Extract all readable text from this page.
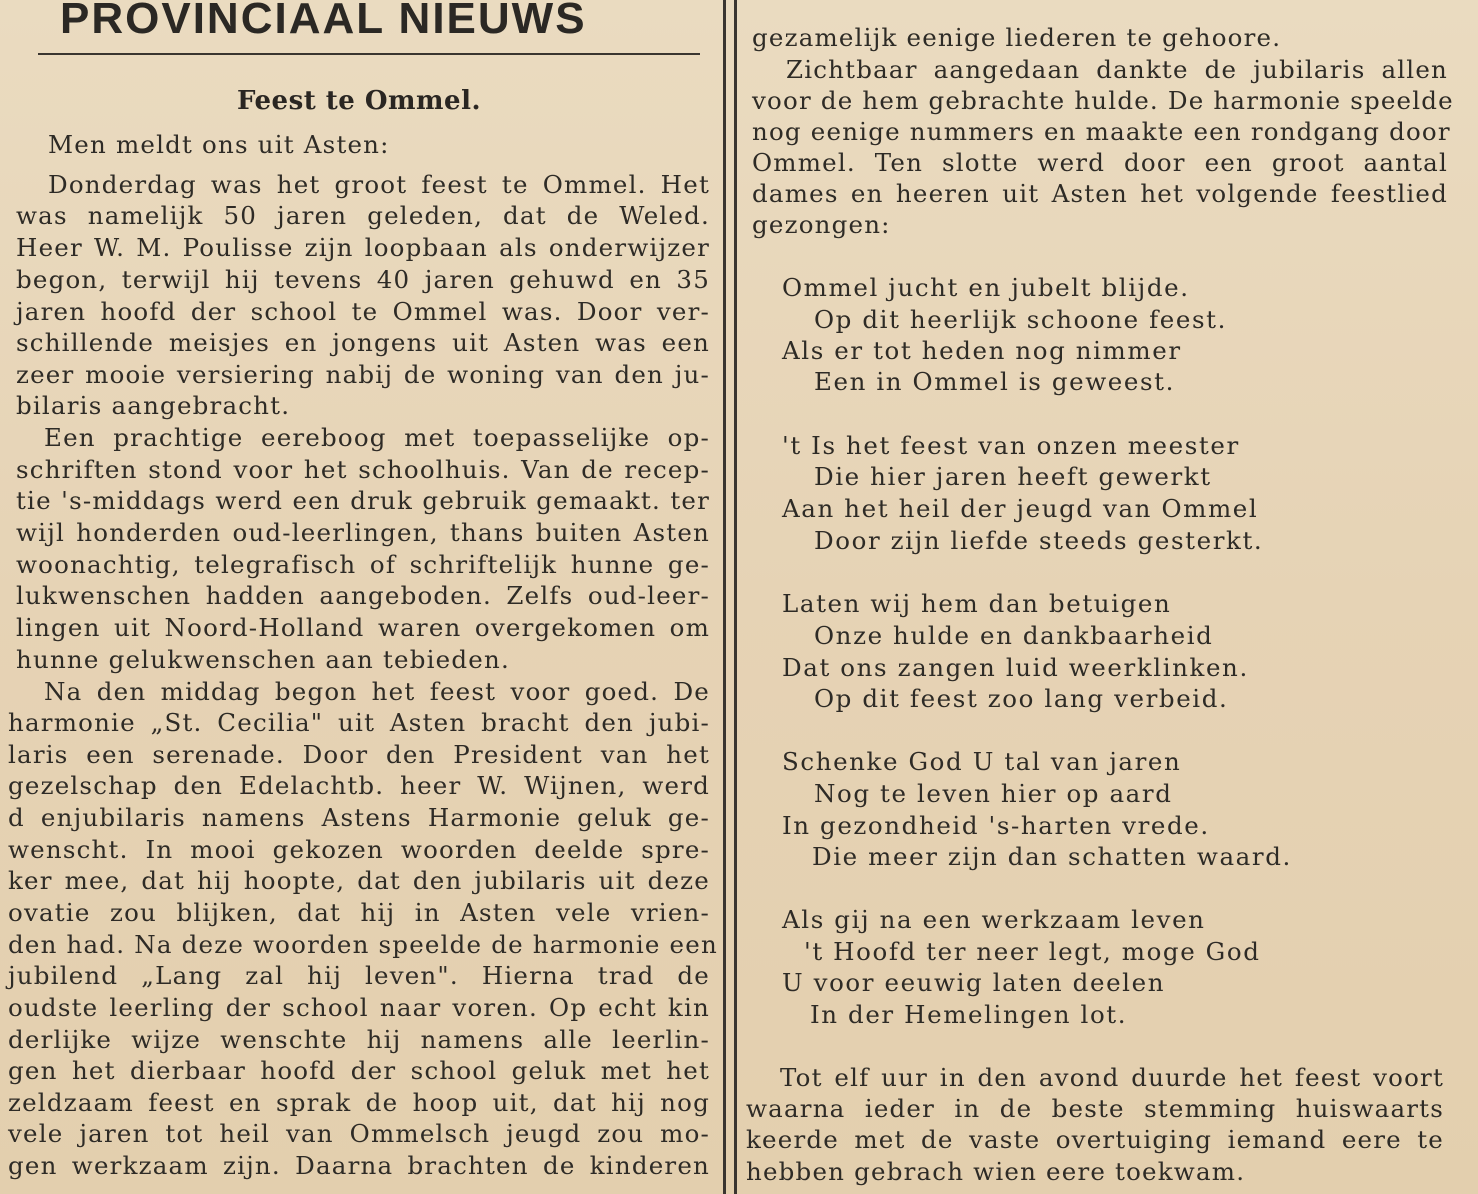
PROVINCIAAL NIEUWS
Feest te Ommel.
Men meldt ons uit Asten:
Donderdag was het groot feest te Ommel. Het
was namelijk 50 jaren geleden, dat de Weled.
Heer W. M. Poulisse zijn loopbaan als onderwijzer
begon, terwijl hij tevens 40 jaren gehuwd en 35
jaren hoofd der school te Ommel was. Door ver-
schillende meisjes en jongens uit Asten was een
zeer mooie versiering nabij de woning van den ju-
bilaris aangebracht.
Een prachtige eereboog met toepasselijke op-
schriften stond voor het schoolhuis. Van de recep-
tie 's-middags werd een druk gebruik gemaakt. ter
wijl honderden oud-leerlingen, thans buiten Asten
woonachtig, telegrafisch of schriftelijk hunne ge-
lukwenschen hadden aangeboden. Zelfs oud-leer-
lingen uit Noord-Holland waren overgekomen om
hunne gelukwenschen aan tebieden.
Na den middag begon het feest voor goed. De
harmonie „St. Cecilia" uit Asten bracht den jubi-
laris een serenade. Door den President van het
gezelschap den Edelachtb. heer W. Wijnen, werd
d enjubilaris namens Astens Harmonie geluk ge-
wenscht. In mooi gekozen woorden deelde spre-
ker mee, dat hij hoopte, dat den jubilaris uit deze
ovatie zou blijken, dat hij in Asten vele vrien-
den had. Na deze woorden speelde de harmonie een
jubilend „Lang zal hij leven". Hierna trad de
oudste leerling der school naar voren. Op echt kin
derlijke wijze wenschte hij namens alle leerlin-
gen het dierbaar hoofd der school geluk met het
zeldzaam feest en sprak de hoop uit, dat hij nog
vele jaren tot heil van Ommelsch jeugd zou mo-
gen werkzaam zijn. Daarna brachten de kinderen
gezamelijk eenige liederen te gehoore.
Zichtbaar aangedaan dankte de jubilaris allen
voor de hem gebrachte hulde. De harmonie speelde
nog eenige nummers en maakte een rondgang door
Ommel. Ten slotte werd door een groot aantal
dames en heeren uit Asten het volgende feestlied
gezongen:
Ommel jucht en jubelt blijde.
Op dit heerlijk schoone feest.
Als er tot heden nog nimmer
Een in Ommel is geweest.
't Is het feest van onzen meester
Die hier jaren heeft gewerkt
Aan het heil der jeugd van Ommel
Door zijn liefde steeds gesterkt.
Laten wij hem dan betuigen
Onze hulde en dankbaarheid
Dat ons zangen luid weerklinken.
Op dit feest zoo lang verbeid.
Schenke God U tal van jaren
Nog te leven hier op aard
In gezondheid 's-harten vrede.
Die meer zijn dan schatten waard.
Als gij na een werkzaam leven
't Hoofd ter neer legt, moge God
U voor eeuwig laten deelen
In der Hemelingen lot.
Tot elf uur in den avond duurde het feest voort
waarna ieder in de beste stemming huiswaarts
keerde met de vaste overtuiging iemand eere te
hebben gebrach wien eere toekwam.
